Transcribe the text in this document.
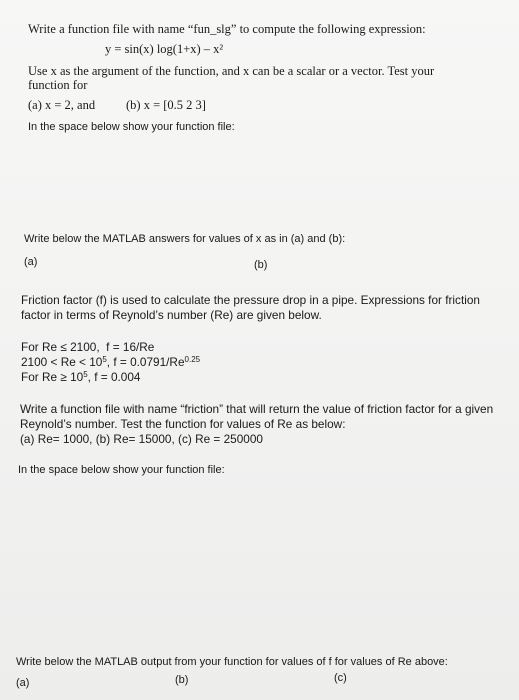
Write a function file with name “fun_slg” to compute the following expression:
y = sin(x) log(1+x) – x²
Use x as the argument of the function, and x can be a scalar or a vector. Test your function for
(a) x = 2, and (b) x = [0.5 2 3]
In the space below show your function file:
Write below the MATLAB answers for values of x as in (a) and (b):
(a)	(b)
Friction factor (f) is used to calculate the pressure drop in a pipe. Expressions for friction factor in terms of Reynold’s number (Re) are given below.
For Re ≤ 2100, f = 16/Re
$2100 < Re < 10^5$, $f = 0.0791/Re^{0.25}$
For $Re \ge 10^5$, f = 0.004
Write a function file with name “friction” that will return the value of friction factor for a given Reynold’s number. Test the function for values of Re as below:
(a) Re= 1000, (b) Re= 15000, (c) Re = 250000
In the space below show your function file:
Write below the MATLAB output from your function for values of f for values of Re above:
(a)	(b)	(c)
